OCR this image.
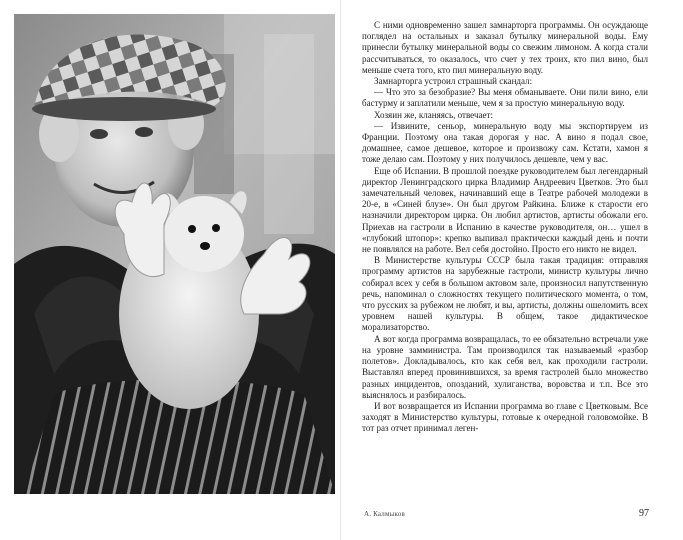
С ними одновременно зашел замнарторга программы. Он осуждающе поглядел на остальных и заказал бутылку минеральной воды. Ему принесли бутылку минеральной воды со свежим лимоном. А когда стали рассчитываться, то оказалось, что счет у тех троих, кто пил вино, был меньше счета того, кто пил минеральную воду.

Замнарторга устроил страшный скандал:

— Что это за безобразие? Вы меня обманываете. Они пили вино, ели бастурму и заплатили меньше, чем я за простую минеральную воду.

Хозяин же, кланяясь, отвечает:

— Извините, сеньор, минеральную воду мы экспортируем из Франции. Поэтому она такая дорогая у нас. А вино я подал свое, домашнее, самое дешевое, которое и произвожу сам. Кстати, хамон я тоже делаю сам. Поэтому у них получилось дешевле, чем у вас.

Еще об Испании. В прошлой поездке руководителем был легендарный директор Ленинградского цирка Владимир Андреевич Цветков. Это был замечательный человек, начинавший еще в Театре рабочей молодежи в 20-е, в «Синей блузе». Он был другом Райкина. Ближе к старости его назначили директором цирка. Он любил артистов, артисты обожали его. Приехав на гастроли в Испанию в качестве руководителя, он… ушел в «глубокий штопор»: крепко выпивал практически каждый день и почти не появлялся на работе. Вел себя достойно. Просто его никто не видел.

В Министерстве культуры СССР была такая традиция: отправляя программу артистов на зарубежные гастроли, министр культуры лично собирал всех у себя в большом актовом зале, произносил напутственную речь, напоминал о сложностях текущего политического момента, о том, что русских за рубежом не любят, и вы, артисты, должны ошеломить всех уровнем нашей культуры. В общем, такое дидактическое морализаторство.

А вот когда программа возвращалась, то ее обязательно встречали уже на уровне замминистра. Там производился так называемый «разбор полетов». Докладывалось, кто как себя вел, как проходили гастроли. Выставлял вперед провинившихся, за время гастролей было множество разных инцидентов, опозданий, хулиганства, воровства и т.п. Все это выяснялось и разбиралось.

И вот возвращается из Испании программа во главе с Цветковым. Все заходят в Министерство культуры, готовые к очередной головомойке. В тот раз отчет принимал леген-

А. Калмыков	97
